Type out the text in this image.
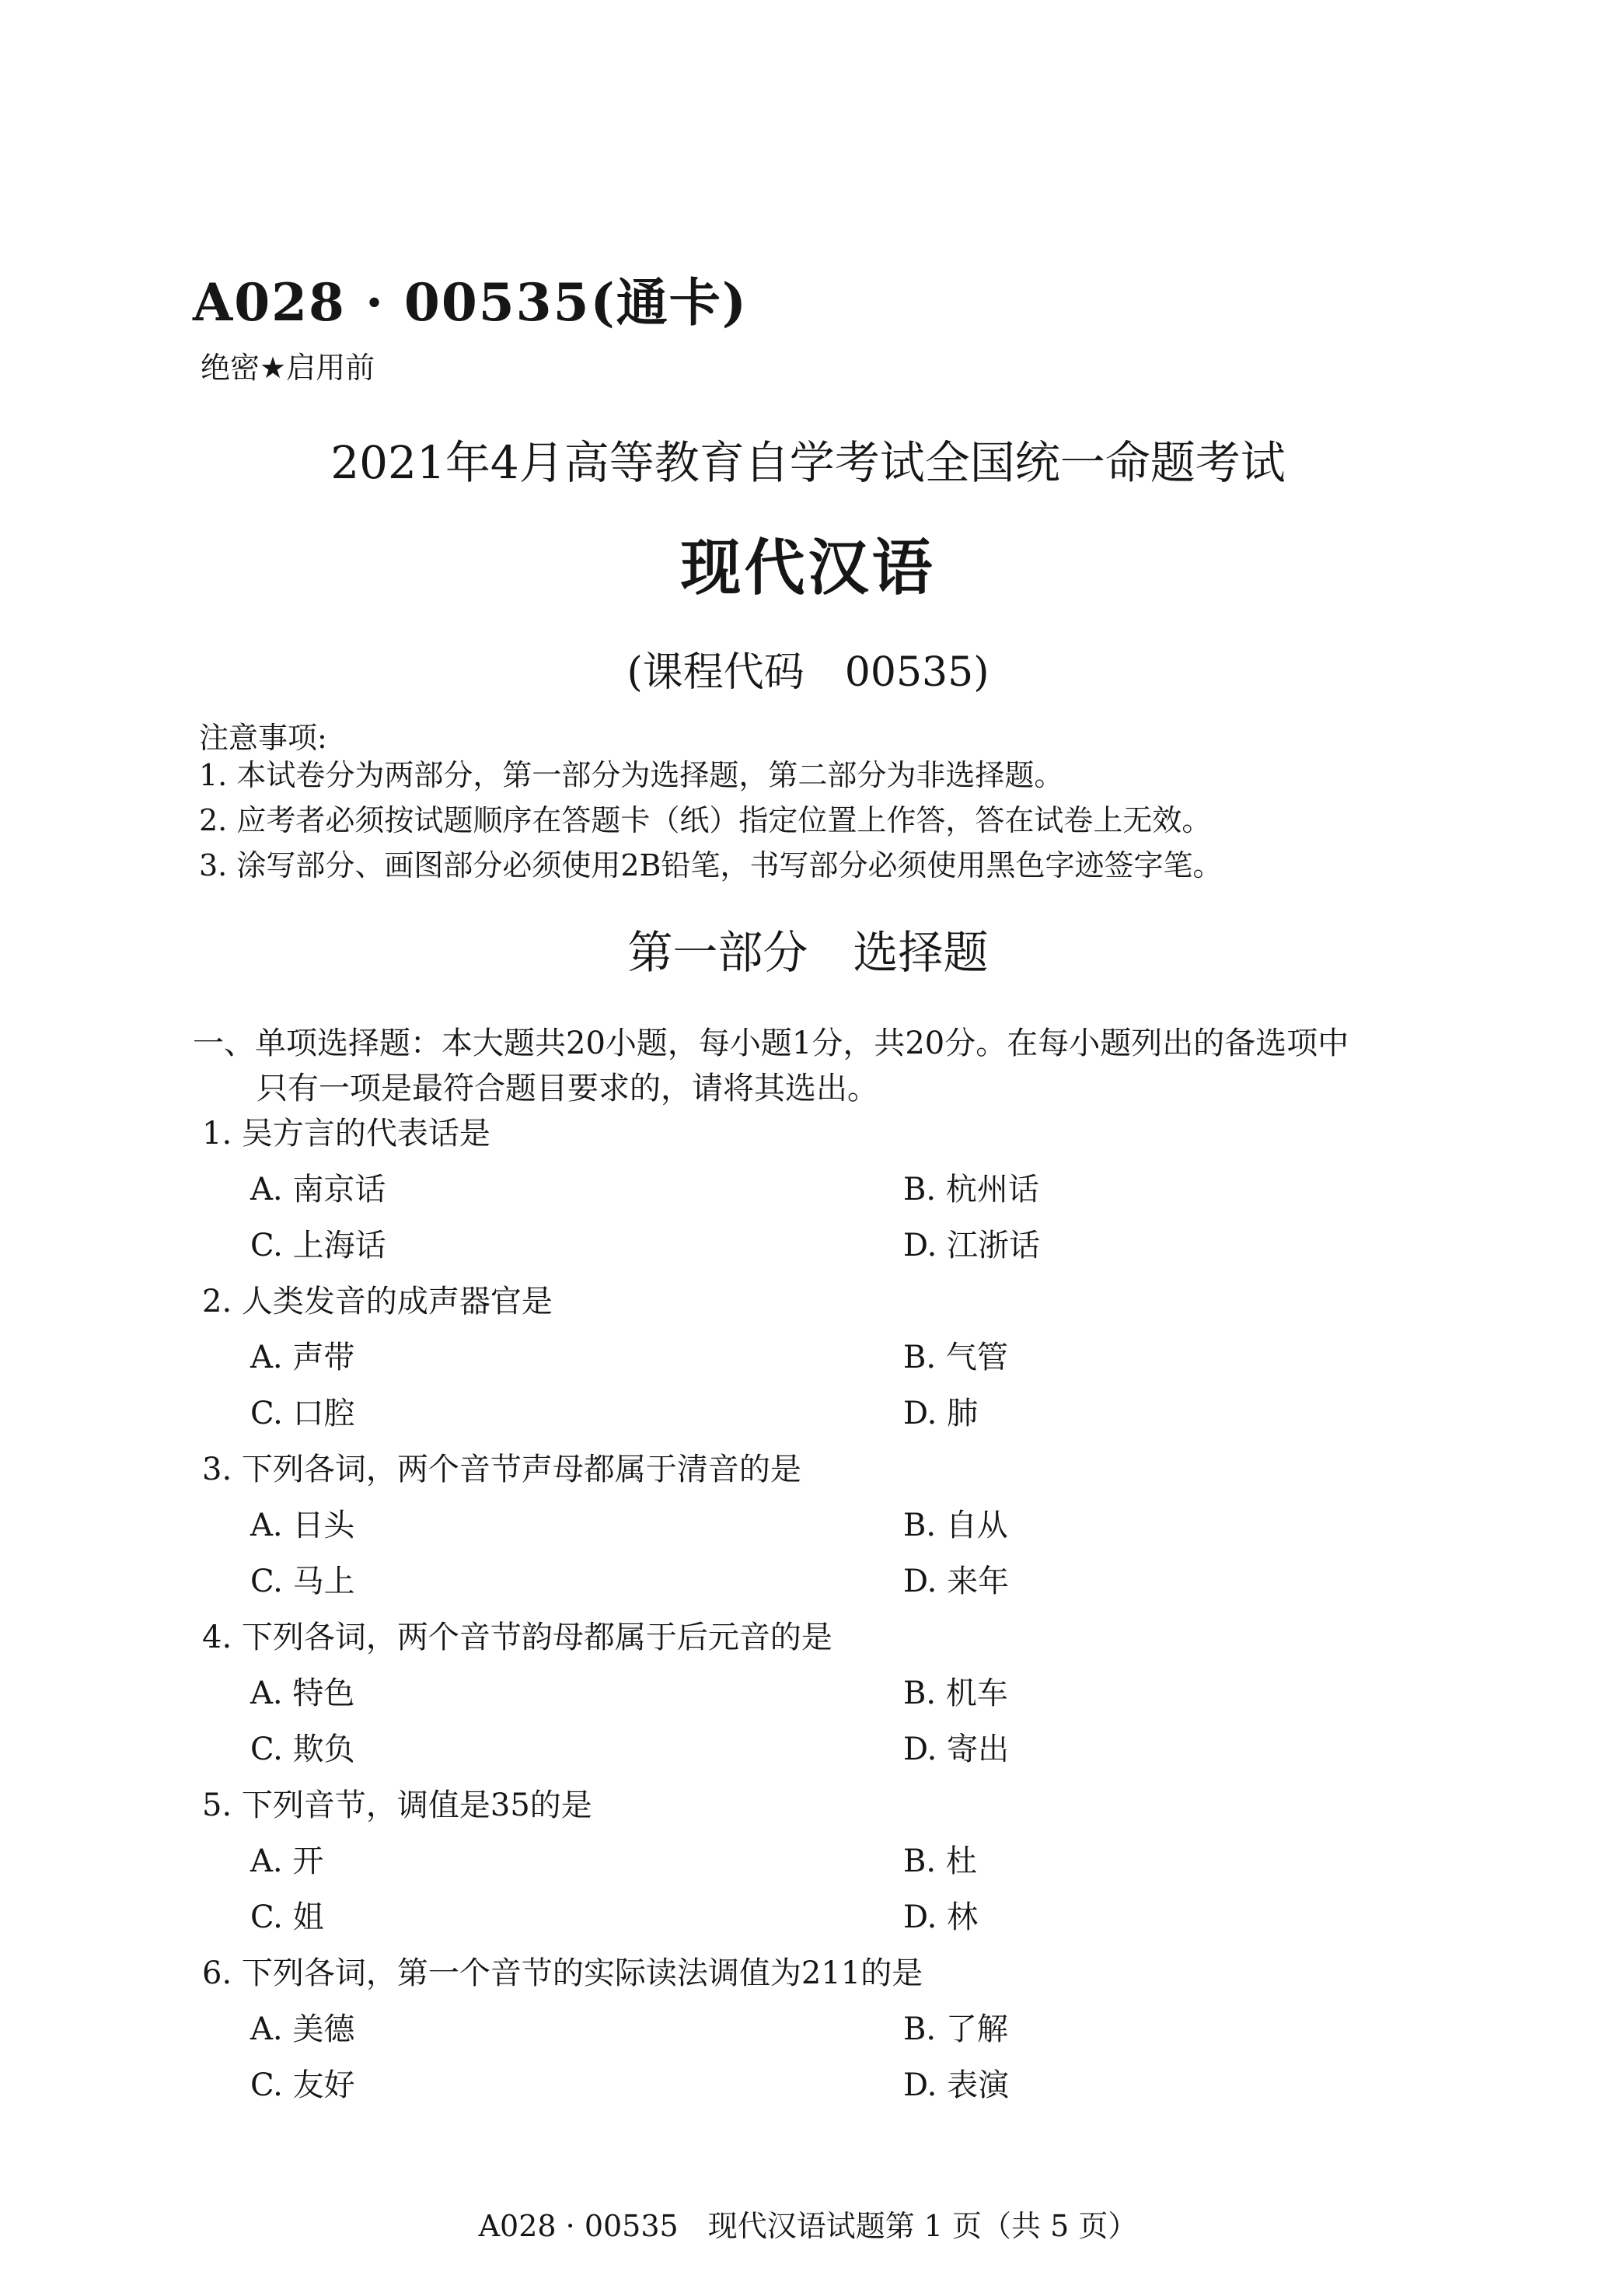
A028 · 00535(通卡)
绝密★启用前
2021年4月高等教育自学考试全国统一命题考试
现代汉语
(课程代码　00535)
注意事项:
1. 本试卷分为两部分，第一部分为选择题，第二部分为非选择题。
2. 应考者必须按试题顺序在答题卡（纸）指定位置上作答，答在试卷上无效。
3. 涂写部分、画图部分必须使用2B铅笔，书写部分必须使用黑色字迹签字笔。
第一部分　选择题
一、单项选择题：本大题共20小题，每小题1分，共20分。在每小题列出的备选项中
只有一项是最符合题目要求的，请将其选出。
1. 吴方言的代表话是
A. 南京话	B. 杭州话
C. 上海话	D. 江浙话
2. 人类发音的成声器官是
A. 声带	B. 气管
C. 口腔	D. 肺
3. 下列各词，两个音节声母都属于清音的是
A. 日头	B. 自从
C. 马上	D. 来年
4. 下列各词，两个音节韵母都属于后元音的是
A. 特色	B. 机车
C. 欺负	D. 寄出
5. 下列音节，调值是35的是
A. 开	B. 杜
C. 姐	D. 林
6. 下列各词，第一个音节的实际读法调值为211的是
A. 美德	B. 了解
C. 友好	D. 表演
A028 · 00535　现代汉语试题第 1 页（共 5 页）
